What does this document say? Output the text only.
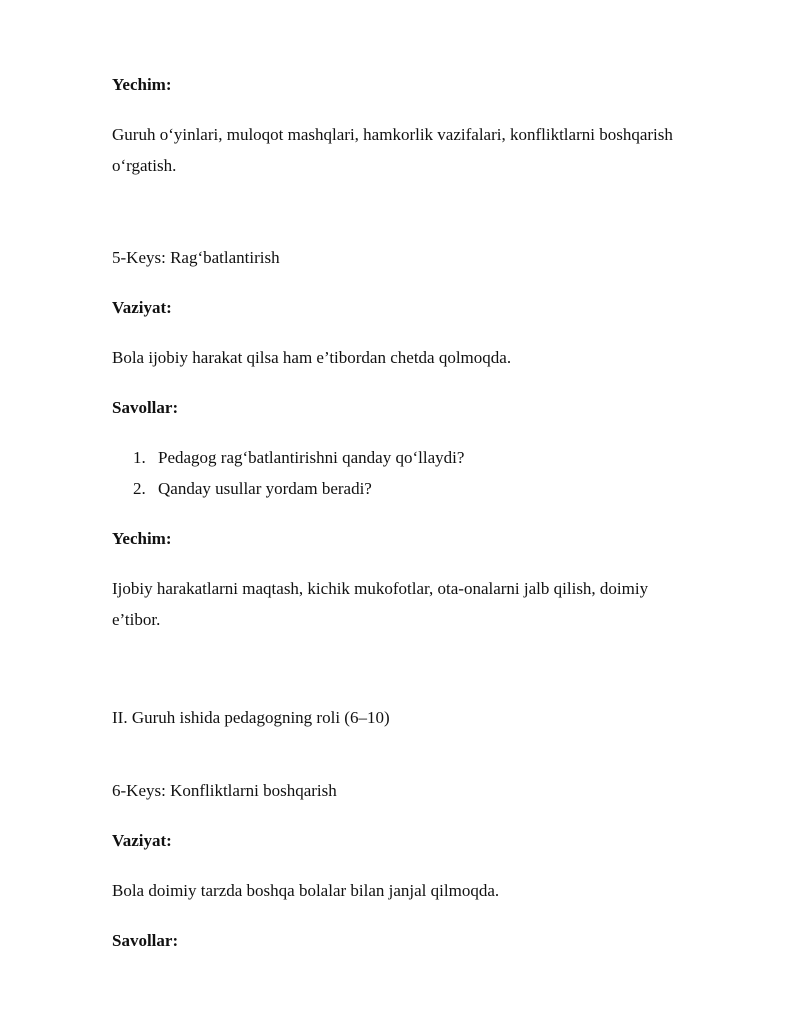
Yechim:
Guruh o‘yinlari, muloqot mashqlari, hamkorlik vazifalari, konfliktlarni boshqarish
o‘rgatish.
5-Keys: Rag‘batlantirish
Vaziyat:
Bola ijobiy harakat qilsa ham e’tibordan chetda qolmoqda.
Savollar:
1. Pedagog rag‘batlantirishni qanday qo‘llaydi?
2. Qanday usullar yordam beradi?
Yechim:
Ijobiy harakatlarni maqtash, kichik mukofotlar, ota-onalarni jalb qilish, doimiy
e’tibor.
II. Guruh ishida pedagogning roli (6–10)
6-Keys: Konfliktlarni boshqarish
Vaziyat:
Bola doimiy tarzda boshqa bolalar bilan janjal qilmoqda.
Savollar:
